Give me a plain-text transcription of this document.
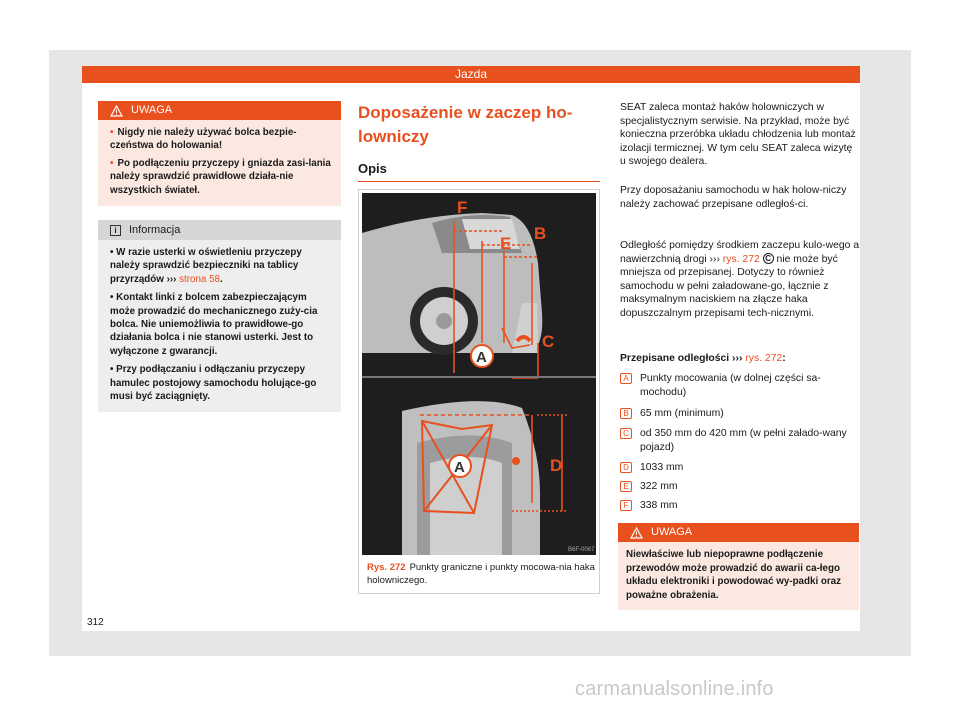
Jazda
UWAGA
• Nigdy nie należy używać bolca bezpie-czeństwa do holowania!
• Po podłączeniu przyczepy i gniazda zasi-lania należy sprawdzić prawidłowe działa-nie wszystkich świateł.
i	Informacja
• W razie usterki w oświetleniu przyczepy należy sprawdzić bezpieczniki na tablicy przyrządów ››› strona 58.
• Kontakt linki z bolcem zabezpieczającym może prowadzić do mechanicznego zuży-cia bolca. Nie uniemożliwia to prawidłowe-go działania bolca i nie stanowi usterki. Jest to wyłączone z gwarancji.
• Przy podłączaniu i odłączaniu przyczepy hamulec postojowy samochodu holujące-go musi być zaciągnięty.
Doposażenie w zaczep ho-lowniczy
Opis
F
E
B
C
A
D
A
B6F-0067
Rys. 272 Punkty graniczne i punkty mocowa-nia haka holowniczego.
SEAT zaleca montaż haków holowniczych w specjalistycznym serwisie. Na przykład, może być konieczna przeróbka układu chłodzenia lub montaż izolacji termicznej. W tym celu SEAT zaleca wizytę u swojego dealera.
Przy doposażaniu samochodu w hak holow-niczy należy zachować przepisane odległoś-ci.
Odległość pomiędzy środkiem zaczepu kulo-wego a nawierzchnią drogi ››› rys. 272 C nie może być mniejsza od przepisanej. Dotyczy to również samochodu w pełni załadowane-go, łącznie z maksymalnym naciskiem na złącze haka dopuszczalnym przepisami tech-nicznymi.
Przepisane odległości ››› rys. 272:
A	Punkty mocowania (w dolnej części sa-mochodu)
B	65 mm (minimum)
C od 350 mm do 420 mm (w pełni załado-wany pojazd)
D 1033 mm
E	322 mm
F	338 mm
UWAGA
Niewłaściwe lub niepoprawne podłączenie przewodów może prowadzić do awarii ca-łego układu elektroniki i powodować wy-padki oraz poważne obrażenia.
312
carmanualsonline.info
